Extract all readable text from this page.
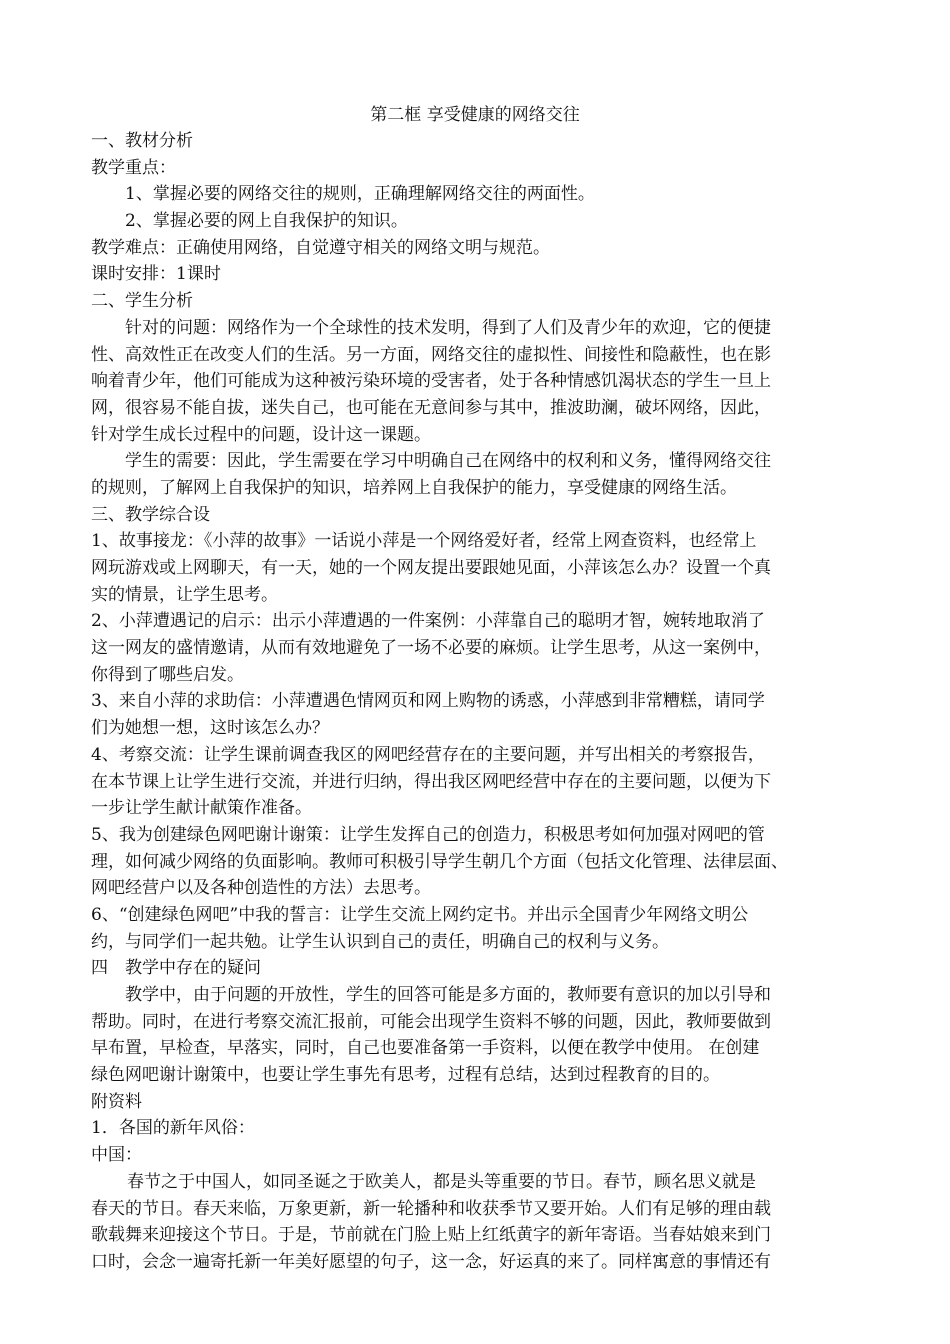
第二框 享受健康的网络交往
一、教材分析
教学重点：
1、掌握必要的网络交往的规则，正确理解网络交往的两面性。
2、掌握必要的网上自我保护的知识。
教学难点：正确使用网络，自觉遵守相关的网络文明与规范。
课时安排：1课时
二、学生分析
针对的问题：网络作为一个全球性的技术发明，得到了人们及青少年的欢迎，它的便捷
性、高效性正在改变人们的生活。另一方面，网络交往的虚拟性、间接性和隐蔽性，也在影
响着青少年，他们可能成为这种被污染环境的受害者，处于各种情感饥渴状态的学生一旦上
网，很容易不能自拔，迷失自己，也可能在无意间参与其中，推波助澜，破坏网络，因此，
针对学生成长过程中的问题，设计这一课题。
学生的需要：因此，学生需要在学习中明确自己在网络中的权利和义务，懂得网络交往
的规则，了解网上自我保护的知识，培养网上自我保护的能力，享受健康的网络生活。
三、教学综合设
1、故事接龙：《小萍的故事》一话说小萍是一个网络爱好者，经常上网查资料，也经常上
网玩游戏或上网聊天，有一天，她的一个网友提出要跟她见面，小萍该怎么办？设置一个真
实的情景，让学生思考。
2、小萍遭遇记的启示：出示小萍遭遇的一件案例：小萍靠自己的聪明才智，婉转地取消了
这一网友的盛情邀请，从而有效地避免了一场不必要的麻烦。让学生思考，从这一案例中，
你得到了哪些启发。
3、来自小萍的求助信：小萍遭遇色情网页和网上购物的诱惑，小萍感到非常糟糕，请同学
们为她想一想，这时该怎么办？
4、考察交流：让学生课前调查我区的网吧经营存在的主要问题，并写出相关的考察报告，
在本节课上让学生进行交流，并进行归纳，得出我区网吧经营中存在的主要问题，以便为下
一步让学生献计献策作准备。
5、我为创建绿色网吧谢计谢策：让学生发挥自己的创造力，积极思考如何加强对网吧的管
理，如何减少网络的负面影响。教师可积极引导学生朝几个方面（包括文化管理、法律层面、
网吧经营户以及各种创造性的方法）去思考。
6、“创建绿色网吧”中我的誓言：让学生交流上网约定书。并出示全国青少年网络文明公
约，与同学们一起共勉。让学生认识到自己的责任，明确自己的权利与义务。
四　教学中存在的疑问
教学中，由于问题的开放性，学生的回答可能是多方面的，教师要有意识的加以引导和
帮助。同时，在进行考察交流汇报前，可能会出现学生资料不够的问题，因此，教师要做到
早布置，早检查，早落实，同时，自己也要准备第一手资料，以便在教学中使用。 在创建
绿色网吧谢计谢策中，也要让学生事先有思考，过程有总结，达到过程教育的目的。
附资料
1．各国的新年风俗：
中国：
春节之于中国人，如同圣诞之于欧美人，都是头等重要的节日。春节，顾名思义就是
春天的节日。春天来临，万象更新，新一轮播种和收获季节又要开始。人们有足够的理由载
歌载舞来迎接这个节日。于是，节前就在门脸上贴上红纸黄字的新年寄语。当春姑娘来到门
口时，会念一遍寄托新一年美好愿望的句子，这一念，好运真的来了。同样寓意的事情还有
